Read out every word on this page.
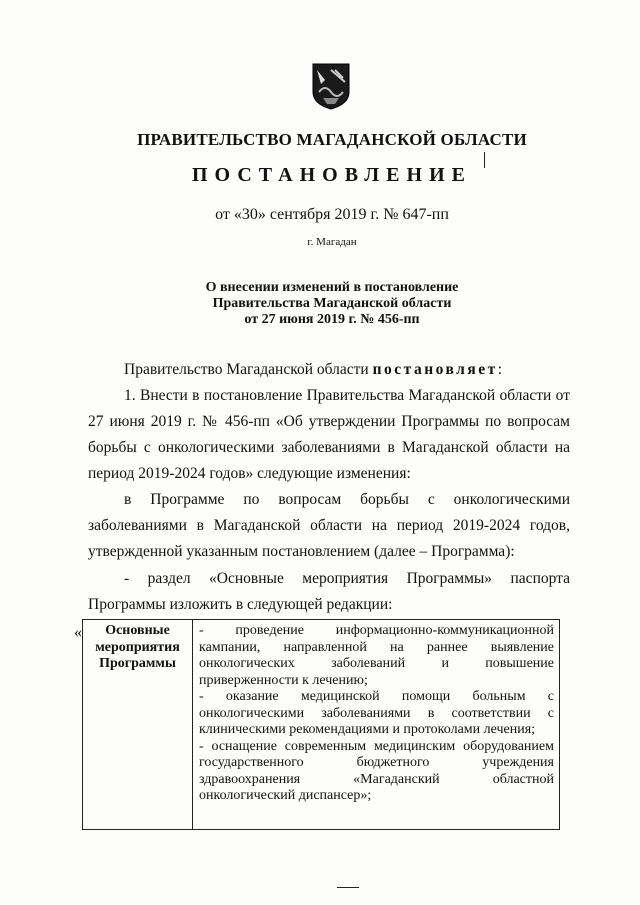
ПРАВИТЕЛЬСТВО МАГАДАНСКОЙ ОБЛАСТИ
ПОСТАНОВЛЕНИЕ
от «30» сентября 2019 г. № 647-пп
г. Магадан
О внесении изменений в постановление
Правительства Магаданской области
от 27 июня 2019 г. № 456-пп

Правительство Магаданской области постановляет:

1. Внести в постановление Правительства Магаданской области от 27 июня 2019 г. № 456-пп «Об утверждении Программы по вопросам борьбы с онкологическими заболеваниями в Магаданской области на период 2019-2024 годов» следующие изменения:

в Программе по вопросам борьбы с онкологическими заболеваниями в Магаданской области на период 2019-2024 годов, утвержденной указанным постановлением (далее – Программа):

- раздел «Основные мероприятия Программы» паспорта Программы изложить в следующей редакции:

«	Основные мероприятия Программы
- проведение информационно-коммуникационной кампании, направленной на раннее выявление онкологических заболеваний и повышение приверженности к лечению;
- оказание медицинской помощи больным с онкологическими заболеваниями в соответствии с клиническими рекомендациями и протоколами лечения;
- оснащение современным медицинским оборудованием государственного бюджетного учреждения здравоохранения «Магаданский областной онкологический диспансер»;
